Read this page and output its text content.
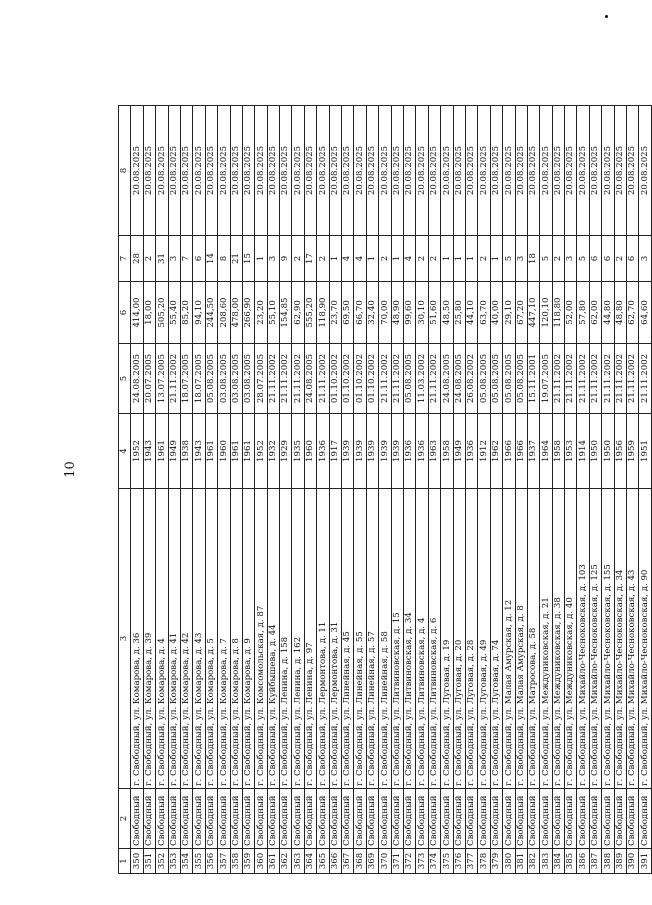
10
1	2	3	4	5	6	7	8
350	Свободный	г. Свободный, ул. Комарова, д. 36	1952	24.08.2005	414,00	28	20.08.2025
351	Свободный	г. Свободный, ул. Комарова, д. 39	1943	20.07.2005	18,00	2	20.08.2025
352	Свободный	г. Свободный, ул. Комарова, д. 4	1961	13.07.2005	505,20	31	20.08.2025
353	Свободный	г. Свободный, ул. Комарова, д. 41	1949	21.11.2002	55,40	3	20.08.2025
354	Свободный	г. Свободный, ул. Комарова, д. 42	1938	18.07.2005	85,20	7	20.08.2025
355	Свободный	г. Свободный, ул. Комарова, д. 43	1943	18.07.2005	94,10	6	20.08.2025
356	Свободный	г. Свободный, ул. Комарова, д. 5	1961	05.08.2005	244,50	14	20.08.2025
357	Свободный	г. Свободный, ул. Комарова, д. 7	1960	03.08.2005	208,60	8	20.08.2025
358	Свободный	г. Свободный, ул. Комарова, д. 8	1961	03.08.2005	478,00	21	20.08.2025
359	Свободный	г. Свободный, ул. Комарова, д. 9	1961	03.08.2005	266,90	15	20.08.2025
360	Свободный	г. Свободный, ул. Комсомольская, д. 87	1952	28.07.2005	23,20	1	20.08.2025
361	Свободный	г. Свободный, ул. Куйбышева, д. 44	1932	21.11.2002	55,10	3	20.08.2025
362	Свободный	г. Свободный, ул. Ленина, д. 158	1929	21.11.2002	154,85	9	20.08.2025
363	Свободный	г. Свободный, ул. Ленина, д. 162	1935	21.11.2002	62,90	2	20.08.2025
364	Свободный	г. Свободный, ул. Ленина, д. 97	1960	24.08.2005	555,20	17	20.08.2025
365	Свободный	г. Свободный, ул. Лермонтова, д. 11	1936	21.11.2002	118,90	2	20.08.2025
366	Свободный	г. Свободный, ул. Лермонтова, д. 31	1917	01.10.2002	23,70	1	20.08.2025
367	Свободный	г. Свободный, ул. Линейная, д. 45	1939	01.10.2002	69,50	4	20.08.2025
368	Свободный	г. Свободный, ул. Линейная, д. 55	1939	01.10.2002	66,70	4	20.08.2025
369	Свободный	г. Свободный, ул. Линейная, д. 57	1939	01.10.2002	32,40	1	20.08.2025
370	Свободный	г. Свободный, ул. Линейная, д. 58	1939	21.11.2002	70,00	2	20.08.2025
371	Свободный	г. Свободный, ул. Литвиновская, д. 15	1939	21.11.2002	48,90	1	20.08.2025
372	Свободный	г. Свободный, ул. Литвиновская, д. 34	1936	05.08.2005	99,60	4	20.08.2025
373	Свободный	г. Свободный, ул. Литвиновская, д. 4	1936	11.03.2002	30,10	2	20.08.2025
374	Свободный	г. Свободный, ул. Литвиновская, д. 6	1963	21.11.2002	51,60	2	20.08.2025
375	Свободный	г. Свободный, ул. Луговая, д. 19	1958	24.08.2005	48,50	1	20.08.2025
376	Свободный	г. Свободный, ул. Луговая, д. 20	1949	24.08.2005	25,80	1	20.08.2025
377	Свободный	г. Свободный, ул. Луговая, д. 28	1936	26.08.2002	44,10	1	20.08.2025
378	Свободный	г. Свободный, ул. Луговая, д. 49	1912	05.08.2005	63,70	2	20.08.2025
379	Свободный	г. Свободный, ул. Луговая, д. 74	1962	05.08.2005	40,00	1	20.08.2025
380	Свободный	г. Свободный, ул. Малая Амурская, д. 12	1966	05.08.2005	29,10	5	20.08.2025
381	Свободный	г. Свободный, ул. Малая Амурская, д. 8	1966	05.08.2005	67,20	3	20.08.2025
382	Свободный	г. Свободный, ул. Матросова, д. 58	1937	15.11.2001	447,10	18	20.08.2025
383	Свободный	г. Свободный, ул. Междуниковская, д. 21	1964	19.07.2005	120,10	5	20.08.2025
384	Свободный	г. Свободный, ул. Междуниковская, д. 38	1958	21.11.2002	118,80	2	20.08.2025
385	Свободный	г. Свободный, ул. Междуниковская, д. 40	1953	21.11.2002	52,00	3	20.08.2025
386	Свободный	г. Свободный, ул. Михайло-Чесноковская, д. 103	1914	21.11.2002	57,80	5	20.08.2025
387	Свободный	г. Свободный, ул. Михайло-Чесноковская, д. 125	1950	21.11.2002	62,00	6	20.08.2025
388	Свободный	г. Свободный, ул. Михайло-Чесноковская, д. 155	1950	21.11.2002	44,80	6	20.08.2025
389	Свободный	г. Свободный, ул. Михайло-Чесноковская, д. 34	1956	21.11.2002	48,80	2	20.08.2025
390	Свободный	г. Свободный, ул. Михайло-Чесноковская, д. 43	1959	21.11.2002	62,70	6	20.08.2025
391	Свободный	г. Свободный, ул. Михайло-Чесноковская, д. 90	1951	21.11.2002	64,60	3	20.08.2025
